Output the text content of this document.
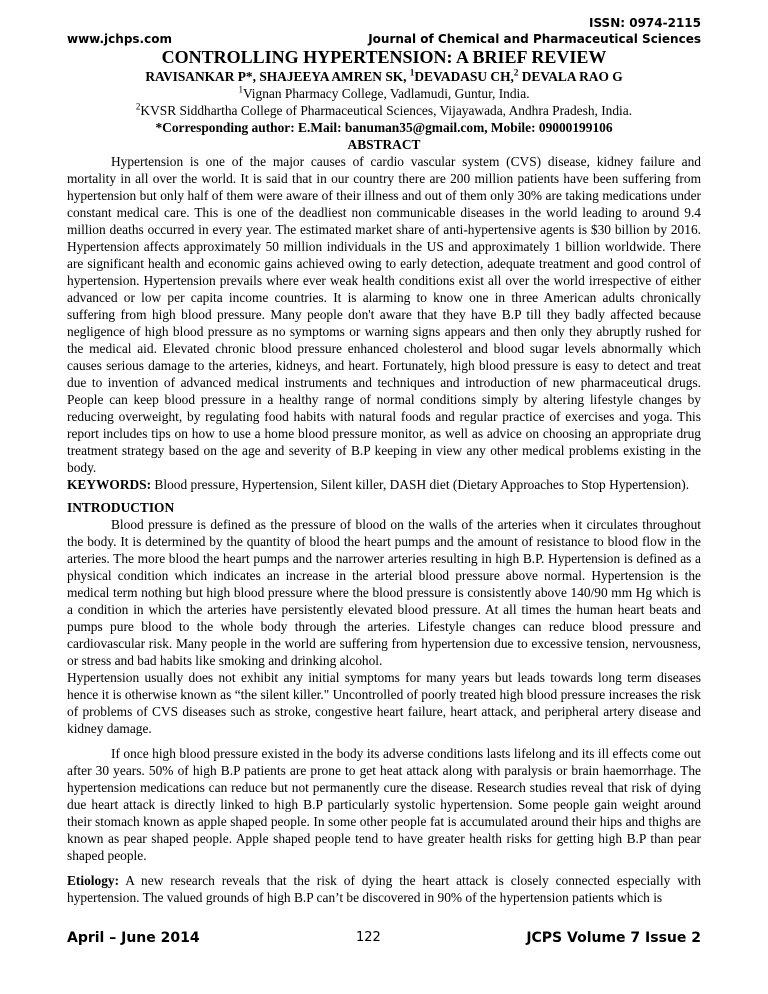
ISSN: 0974-2115
www.jchps.com	Journal of Chemical and Pharmaceutical Sciences
CONTROLLING HYPERTENSION: A BRIEF REVIEW
RAVISANKAR P*, SHAJEEYA AMREN SK, $^1$DEVADASU CH,$^2$ DEVALA RAO G
$^1$Vignan Pharmacy College, Vadlamudi, Guntur, India.
$^2$KVSR Siddhartha College of Pharmaceutical Sciences, Vijayawada, Andhra Pradesh, India.
*Corresponding author: E.Mail: banuman35@gmail.com, Mobile: 09000199106
ABSTRACT

Hypertension is one of the major causes of cardio vascular system (CVS) disease, kidney failure and mortality in all over the world. It is said that in our country there are 200 million patients have been suffering from hypertension but only half of them were aware of their illness and out of them only 30% are taking medications under constant medical care. This is one of the deadliest non communicable diseases in the world leading to around 9.4 million deaths occurred in every year. The estimated market share of anti-hypertensive agents is $30 billion by 2016. Hypertension affects approximately 50 million individuals in the US and approximately 1 billion worldwide. There are significant health and economic gains achieved owing to early detection, adequate treatment and good control of hypertension. Hypertension prevails where ever weak health conditions exist all over the world irrespective of either advanced or low per capita income countries. It is alarming to know one in three American adults chronically suffering from high blood pressure. Many people don't aware that they have B.P till they badly affected because negligence of high blood pressure as no symptoms or warning signs appears and then only they abruptly rushed for the medical aid. Elevated chronic blood pressure enhanced cholesterol and blood sugar levels abnormally which causes serious damage to the arteries, kidneys, and heart. Fortunately, high blood pressure is easy to detect and treat due to invention of advanced medical instruments and techniques and introduction of new pharmaceutical drugs. People can keep blood pressure in a healthy range of normal conditions simply by altering lifestyle changes by reducing overweight, by regulating food habits with natural foods and regular practice of exercises and yoga. This report includes tips on how to use a home blood pressure monitor, as well as advice on choosing an appropriate drug treatment strategy based on the age and severity of B.P keeping in view any other medical problems existing in the body.

KEYWORDS: Blood pressure, Hypertension, Silent killer, DASH diet (Dietary Approaches to Stop Hypertension).

INTRODUCTION

Blood pressure is defined as the pressure of blood on the walls of the arteries when it circulates throughout the body. It is determined by the quantity of blood the heart pumps and the amount of resistance to blood flow in the arteries. The more blood the heart pumps and the narrower arteries resulting in high B.P. Hypertension is defined as a physical condition which indicates an increase in the arterial blood pressure above normal. Hypertension is the medical term nothing but high blood pressure where the blood pressure is consistently above 140/90 mm Hg which is a condition in which the arteries have persistently elevated blood pressure. At all times the human heart beats and pumps pure blood to the whole body through the arteries. Lifestyle changes can reduce blood pressure and cardiovascular risk. Many people in the world are suffering from hypertension due to excessive tension, nervousness, or stress and bad habits like smoking and drinking alcohol.

Hypertension usually does not exhibit any initial symptoms for many years but leads towards long term diseases hence it is otherwise known as “the silent killer." Uncontrolled of poorly treated high blood pressure increases the risk of problems of CVS diseases such as stroke, congestive heart failure, heart attack, and peripheral artery disease and kidney damage.

If once high blood pressure existed in the body its adverse conditions lasts lifelong and its ill effects come out after 30 years. 50% of high B.P patients are prone to get heat attack along with paralysis or brain haemorrhage. The hypertension medications can reduce but not permanently cure the disease. Research studies reveal that risk of dying due heart attack is directly linked to high B.P particularly systolic hypertension. Some people gain weight around their stomach known as apple shaped people. In some other people fat is accumulated around their hips and thighs are known as pear shaped people. Apple shaped people tend to have greater health risks for getting high B.P than pear shaped people.

Etiology: A new research reveals that the risk of dying the heart attack is closely connected especially with hypertension. The valued grounds of high B.P can’t be discovered in 90% of the hypertension patients which is

April – June 2014	122	JCPS Volume 7 Issue 2
